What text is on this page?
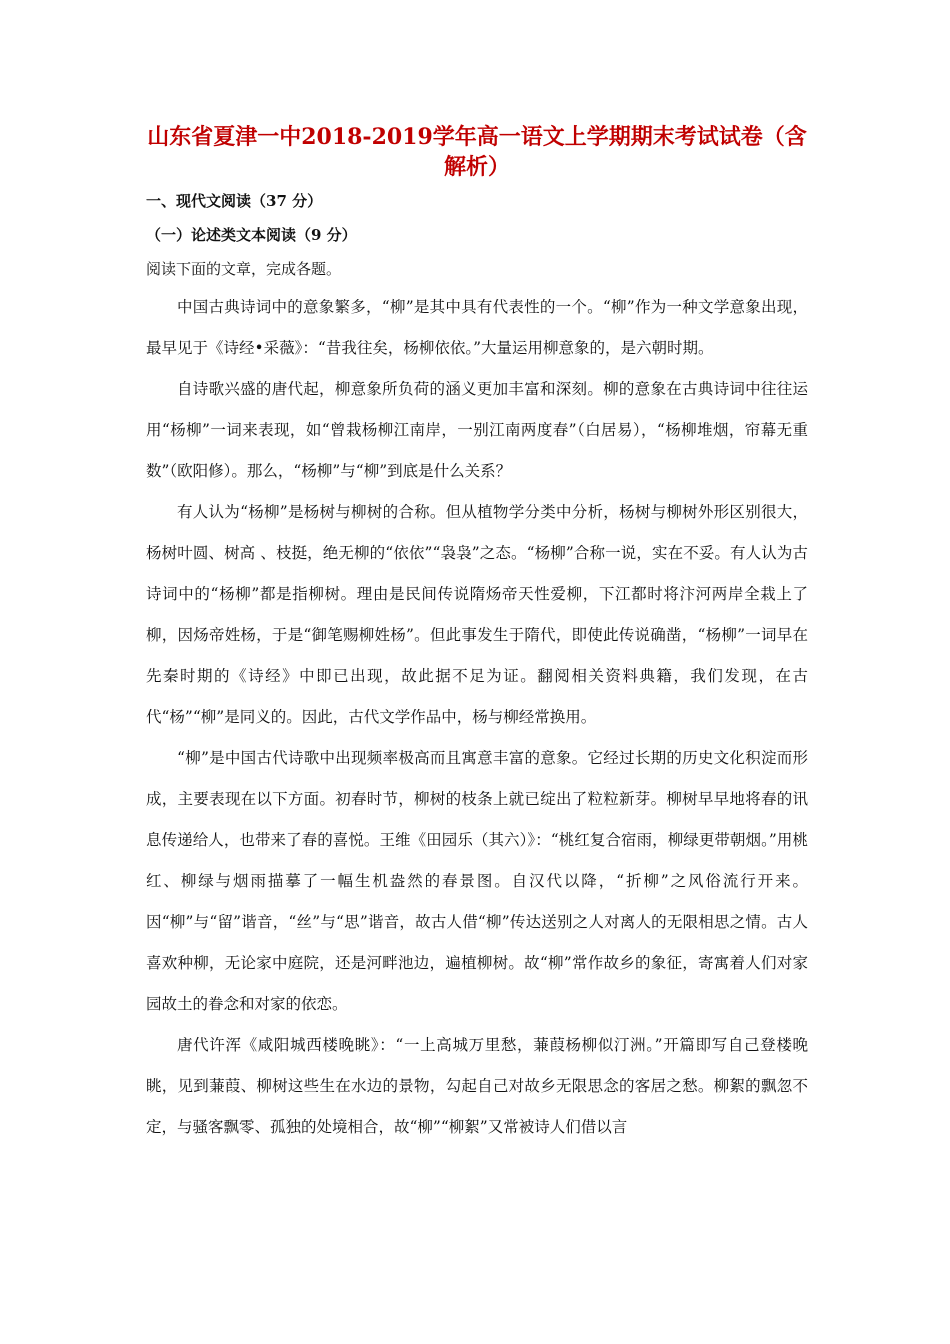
山东省夏津一中2018-2019学年高一语文上学期期末考试试卷（含解析）

一、现代文阅读（37 分）

（一）论述类文本阅读（9 分）

阅读下面的文章，完成各题。

中国古典诗词中的意象繁多，“柳”是其中具有代表性的一个。“柳”作为一种文学意象出现，最早见于《诗经•采薇》：“昔我往矣，杨柳依依。”大量运用柳意象的，是六朝时期。

自诗歌兴盛的唐代起，柳意象所负荷的涵义更加丰富和深刻。柳的意象在古典诗词中往往运用“杨柳”一词来表现，如“曾栽杨柳江南岸，一别江南两度春”（白居易），“杨柳堆烟，帘幕无重数”（欧阳修）。那么，“杨柳”与“柳”到底是什么关系？

有人认为“杨柳”是杨树与柳树的合称。但从植物学分类中分析，杨树与柳树外形区别很大，杨树叶圆、树高 、枝挺，绝无柳的“依依”“袅袅”之态。“杨柳”合称一说，实在不妥。有人认为古诗词中的“杨柳”都是指柳树。理由是民间传说隋炀帝天性爱柳，下江都时将汴河两岸全栽上了柳，因炀帝姓杨，于是“御笔赐柳姓杨”。但此事发生于隋代，即使此传说确凿，“杨柳”一词早在先秦时期的《诗经》中即已出现，故此据不足为证。翻阅相关资料典籍，我们发现，在古代“杨”“柳”是同义的。因此，古代文学作品中，杨与柳经常换用。

“柳”是中国古代诗歌中出现频率极高而且寓意丰富的意象。它经过长期的历史文化积淀而形成，主要表现在以下方面。初春时节，柳树的枝条上就已绽出了粒粒新芽。柳树早早地将春的讯息传递给人，也带来了春的喜悦。王维《田园乐（其六）》：“桃红复合宿雨，柳绿更带朝烟。”用桃红、柳绿与烟雨描摹了一幅生机盎然的春景图。自汉代以降，“折柳”之风俗流行开来。因“柳”与“留”谐音，“丝”与“思”谐音，故古人借“柳”传达送别之人对离人的无限相思之情。古人喜欢种柳，无论家中庭院，还是河畔池边，遍植柳树。故“柳”常作故乡的象征，寄寓着人们对家园故土的眷念和对家的依恋。

唐代许浑《咸阳城西楼晚眺》：“一上高城万里愁，蒹葭杨柳似汀洲。”开篇即写自己登楼晚眺，见到蒹葭、柳树这些生在水边的景物，勾起自己对故乡无限思念的客居之愁。柳絮的飘忽不定，与骚客飘零、孤独的处境相合，故“柳”“柳絮”又常被诗人们借以言
